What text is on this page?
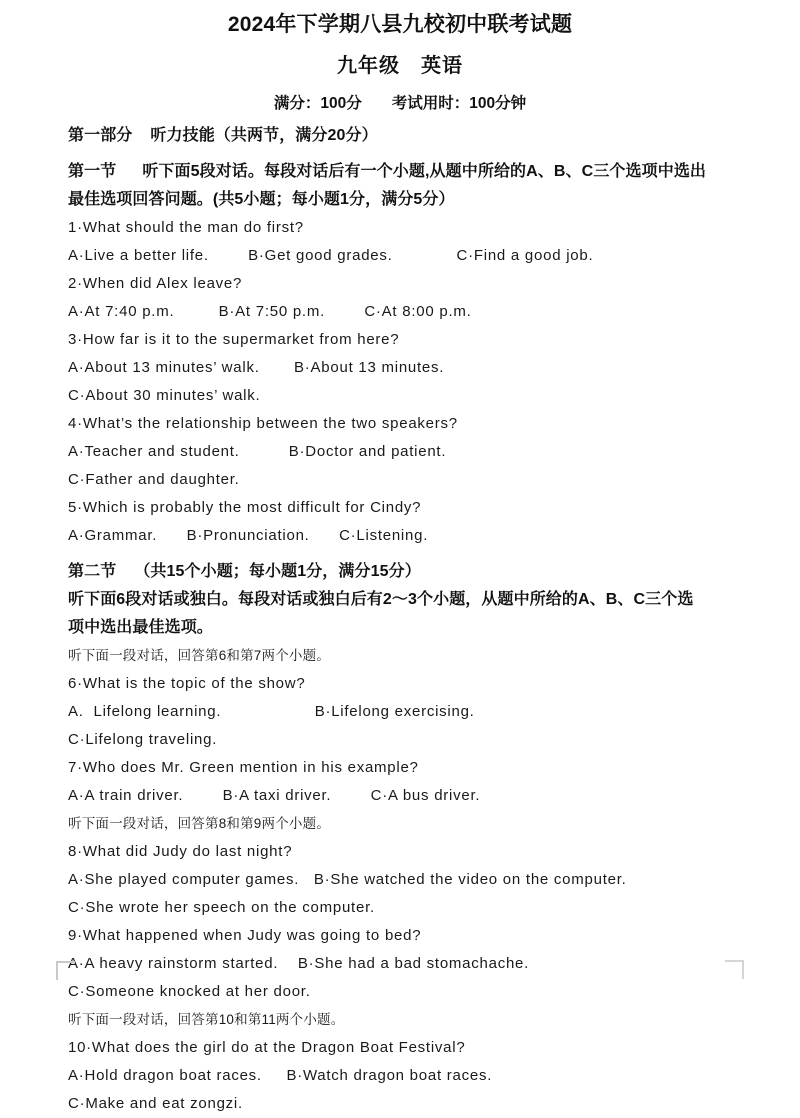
2024年下学期八县九校初中联考试题
九年级　英语
满分：100分 考试用时：100分钟
第一部分 听力技能（共两节，满分20分）
第一节 听下面5段对话。每段对话后有一个小题,从题中所给的A、B、C三个选项中选出
最佳选项回答问题。(共5小题；每小题1分，满分5分）
1·What should the man do first?
A·Live a better life.        B·Get good grades.             C·Find a good job.
2·When did Alex leave?
A·At 7:40 p.m.         B·At 7:50 p.m.        C·At 8:00 p.m.
3·How far is it to the supermarket from here?
A·About 13 minutes’ walk.       B·About 13 minutes.
C·About 30 minutes’ walk.
4·What’s the relationship between the two speakers?
A·Teacher and student.          B·Doctor and patient.
C·Father and daughter.
5·Which is probably the most difficult for Cindy?
A·Grammar.      B·Pronunciation.      C·Listening.
第二节 （共15个小题；每小题1分，满分15分）
听下面6段对话或独白。每段对话或独白后有2～3个小题，从题中所给的A、B、C三个选
项中选出最佳选项。
听下面一段对话，回答第6和第7两个小题。
6·What is the topic of the show?
A.  Lifelong learning.                   B·Lifelong exercising.
C·Lifelong traveling.
7·Who does Mr. Green mention in his example?
A·A train driver.        B·A taxi driver.        C·A bus driver.
听下面一段对话，回答第8和第9两个小题。
8·What did Judy do last night?
A·She played computer games.   B·She watched the video on the computer.
C·She wrote her speech on the computer.
9·What happened when Judy was going to bed?
A·A heavy rainstorm started.    B·She had a bad stomachache.
C·Someone knocked at her door.
听下面一段对话，回答第10和第11两个小题。
10·What does the girl do at the Dragon Boat Festival?
A·Hold dragon boat races.     B·Watch dragon boat races.
C·Make and eat zongzi.
